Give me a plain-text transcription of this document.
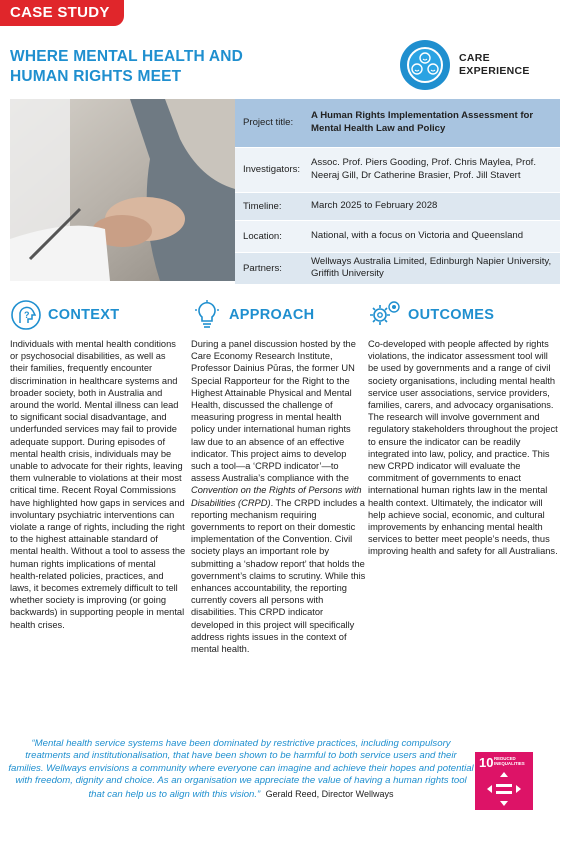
CASE STUDY
WHERE MENTAL HEALTH AND
HUMAN RIGHTS MEET
CARE
EXPERIENCE
Project title:	A Human Rights Implementation Assessment for Mental Health Law and Policy
Investigators:	Assoc. Prof. Piers Gooding, Prof. Chris Maylea, Prof. Neeraj Gill, Dr Catherine Brasier, Prof. Jill Stavert
Timeline:	March 2025 to February 2028
Location:	National, with a focus on Victoria and Queensland
Partners:	Wellways Australia Limited, Edinburgh Napier University, Griffith University
? CONTEXT
Individuals with mental health conditions or psychosocial disabilities, as well as their families, frequently encounter discrimination in healthcare systems and broader society, both in Australia and around the world. Mental illness can lead to significant social disadvantage, and underfunded services may fail to provide adequate support. During episodes of mental health crisis, individuals may be unable to advocate for their rights, leaving them vulnerable to violations at their most critical time. Recent Royal Commissions have highlighted how gaps in services and involuntary psychiatric interventions can violate a range of rights, including the right to the highest attainable standard of mental health. Without a tool to assess the human rights implications of mental health-related policies, practices, and laws, it becomes extremely difficult to tell whether society is improving (or going backwards) in supporting people in mental health crises.
APPROACH
During a panel discussion hosted by the Care Economy Research Institute, Professor Dainius Pūras, the former UN Special Rapporteur for the Right to the Highest Attainable Physical and Mental Health, discussed the challenge of measuring progress in mental health policy under international human rights law due to an absence of an effective indicator. This project aims to develop such a tool—a ‘CRPD indicator’—to assess Australia’s compliance with the Convention on the Rights of Persons with Disabilities (CRPD). The CRPD includes a reporting mechanism requiring governments to report on their domestic implementation of the Convention. Civil society plays an important role by submitting a ‘shadow report’ that holds the government’s claims to scrutiny. While this enhances accountability, the reporting currently covers all persons with disabilities. This CRPD indicator developed in this project will specifically address rights issues in the context of mental health.
OUTCOMES
Co-developed with people affected by rights violations, the indicator assessment tool will be used by governments and a range of civil society organisations, including mental health service user associations, service providers, families, carers, and advocacy organisations. The research will involve government and regulatory stakeholders throughout the project to ensure the indicator can be readily integrated into law, policy, and practice. This new CRPD indicator will evaluate the commitment of governments to enact international human rights law in the mental health context. Ultimately, the indicator will help achieve social, economic, and cultural improvements by enhancing mental health services to better meet people’s needs, thus improving health and safety for all Australians.
“Mental health service systems have been dominated by restrictive practices, including compulsory treatments and institutionalisation, that have been shown to be harmful to both service users and their families. Wellways envisions a community where everyone can imagine and achieve their hopes and potential with freedom, dignity and choice. As an organisation we appreciate the value of having a human rights tool that can help us to align with this vision.” Gerald Reed, Director Wellways
10 REDUCED INEQUALITIES
